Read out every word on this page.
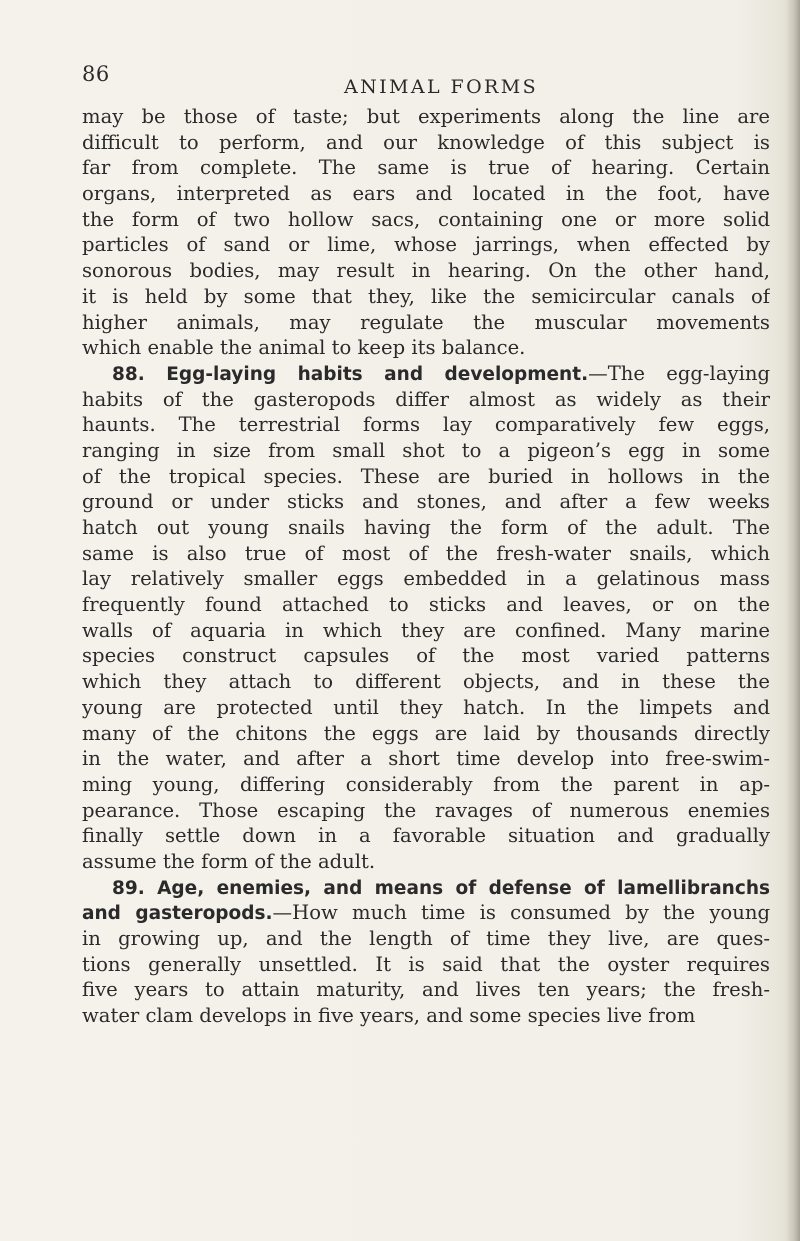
86
ANIMAL FORMS
may be those of taste; but experiments along the line are
difficult to perform, and our knowledge of this subject is
far from complete. The same is true of hearing. Certain
organs, interpreted as ears and located in the foot, have
the form of two hollow sacs, containing one or more solid
particles of sand or lime, whose jarrings, when effected by
sonorous bodies, may result in hearing. On the other hand,
it is held by some that they, like the semicircular canals of
higher animals, may regulate the muscular movements
which enable the animal to keep its balance.
88. Egg-laying habits and development.—The egg-laying
habits of the gasteropods differ almost as widely as their
haunts. The terrestrial forms lay comparatively few eggs,
ranging in size from small shot to a pigeon’s egg in some
of the tropical species. These are buried in hollows in the
ground or under sticks and stones, and after a few weeks
hatch out young snails having the form of the adult. The
same is also true of most of the fresh-water snails, which
lay relatively smaller eggs embedded in a gelatinous mass
frequently found attached to sticks and leaves, or on the
walls of aquaria in which they are confined. Many marine
species construct capsules of the most varied patterns
which they attach to different objects, and in these the
young are protected until they hatch. In the limpets and
many of the chitons the eggs are laid by thousands directly
in the water, and after a short time develop into free-swim-
ming young, differing considerably from the parent in ap-
pearance. Those escaping the ravages of numerous enemies
finally settle down in a favorable situation and gradually
assume the form of the adult.
89. Age, enemies, and means of defense of lamellibranchs
and gasteropods.—How much time is consumed by the young
in growing up, and the length of time they live, are ques-
tions generally unsettled. It is said that the oyster requires
five years to attain maturity, and lives ten years; the fresh-
water clam develops in five years, and some species live from
